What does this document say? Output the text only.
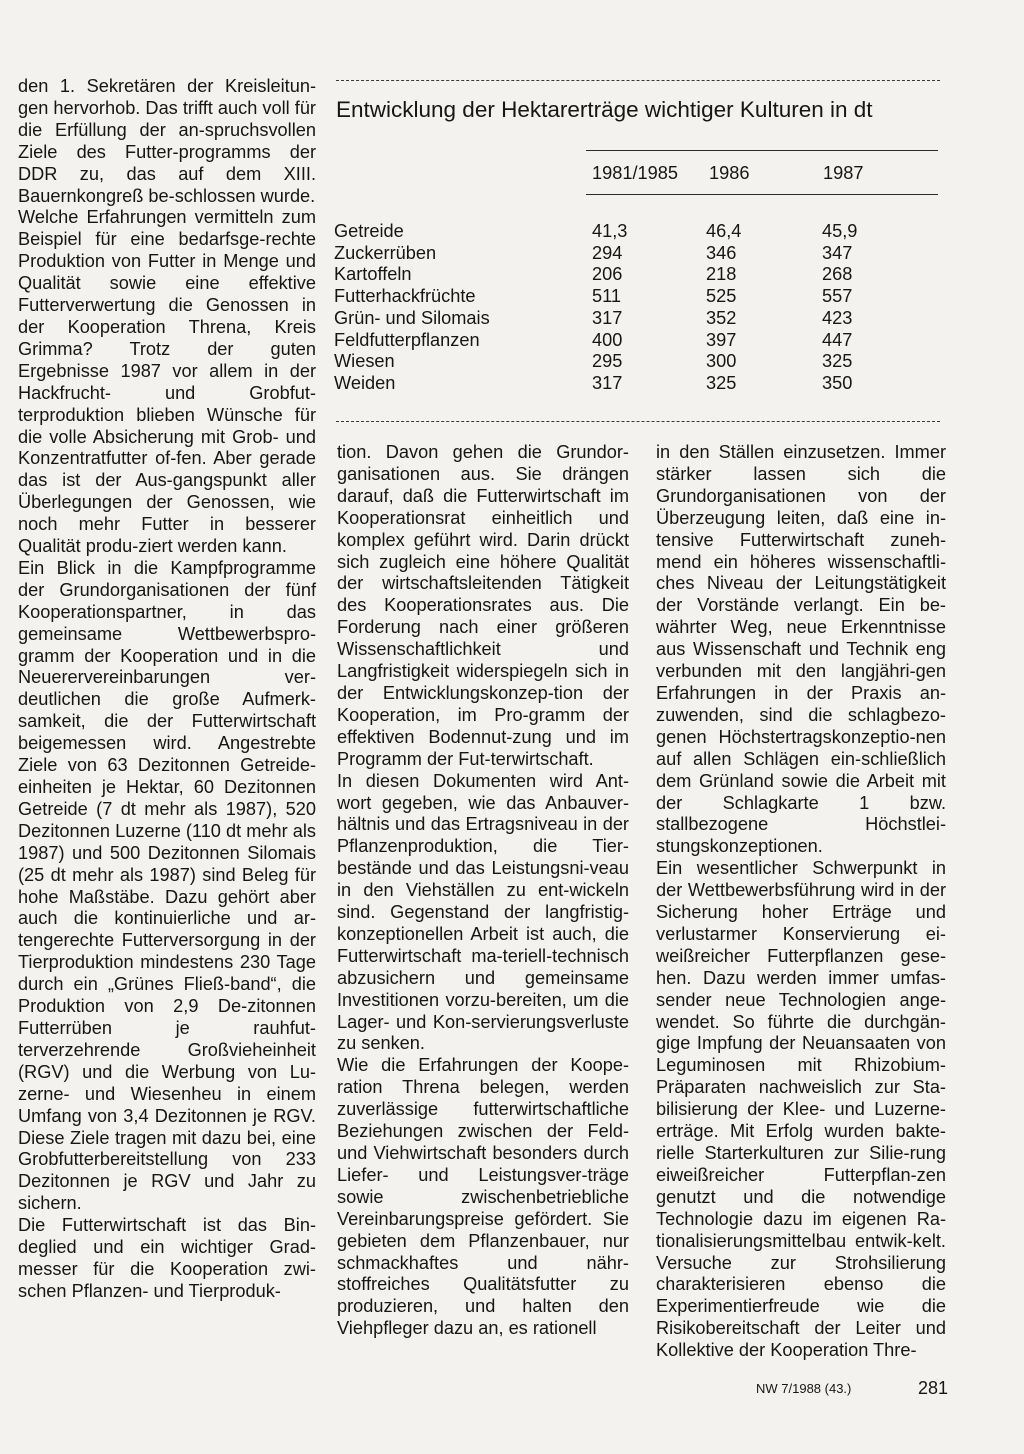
den 1. Sekretären der Kreisleitun-gen hervorhob. Das trifft auch voll für die Erfüllung der an-spruchsvollen Ziele des Futter-programms der DDR zu, das auf dem XIII. Bauernkongreß be-schlossen wurde.

Welche Erfahrungen vermitteln zum Beispiel für eine bedarfsge-rechte Produktion von Futter in Menge und Qualität sowie eine effektive Futterverwertung die Genossen in der Kooperation Threna, Kreis Grimma? Trotz der guten Ergebnisse 1987 vor allem in der Hackfrucht- und Grobfut-terproduktion blieben Wünsche für die volle Absicherung mit Grob- und Konzentratfutter of-fen. Aber gerade das ist der Aus-gangspunkt aller Überlegungen der Genossen, wie noch mehr Futter in besserer Qualität produ-ziert werden kann.

Ein Blick in die Kampfprogramme der Grundorganisationen der fünf Kooperationspartner, in das gemeinsame Wettbewerbspro-gramm der Kooperation und in die Neuerervereinbarungen ver-deutlichen die große Aufmerk-samkeit, die der Futterwirtschaft beigemessen wird. Angestrebte Ziele von 63 Dezitonnen Getreide-einheiten je Hektar, 60 Dezitonnen Getreide (7 dt mehr als 1987), 520 Dezitonnen Luzerne (110 dt mehr als 1987) und 500 Dezitonnen Silomais (25 dt mehr als 1987) sind Beleg für hohe Maßstäbe. Dazu gehört aber auch die kontinuierliche und ar-tengerechte Futterversorgung in der Tierproduktion mindestens 230 Tage durch ein „Grünes Fließ-band“, die Produktion von 2,9 De-zitonnen Futterrüben je rauhfut-terverzehrende Großvieheinheit (RGV) und die Werbung von Lu-zerne- und Wiesenheu in einem Umfang von 3,4 Dezitonnen je RGV. Diese Ziele tragen mit dazu bei, eine Grobfutterbereitstellung von 233 Dezitonnen je RGV und Jahr zu sichern.

Die Futterwirtschaft ist das Bin-deglied und ein wichtiger Grad-messer für die Kooperation zwi-schen Pflanzen- und Tierproduk-

Entwicklung der Hektarerträge wichtiger Kulturen in dt
1981/1985 1986	1987
Getreide	41,3	46,4	45,9
Zuckerrüben	294	346	347
Kartoffeln	206	218	268
Futterhackfrüchte	511	525	557
Grün- und Silomais	317	352	423
Feldfutterpflanzen	400	397	447
Wiesen	295	300	325
Weiden	317	325	350

tion. Davon gehen die Grundor-ganisationen aus. Sie drängen darauf, daß die Futterwirtschaft im Kooperationsrat einheitlich und komplex geführt wird. Darin drückt sich zugleich eine höhere Qualität der wirtschaftsleitenden Tätigkeit des Kooperationsrates aus. Die Forderung nach einer größeren Wissenschaftlichkeit und Langfristigkeit widerspiegeln sich in der Entwicklungskonzep-tion der Kooperation, im Pro-gramm der effektiven Bodennut-zung und im Programm der Fut-terwirtschaft.

In diesen Dokumenten wird Ant-wort gegeben, wie das Anbauver-hältnis und das Ertragsniveau in der Pflanzenproduktion, die Tier-bestände und das Leistungsni-veau in den Viehställen zu ent-wickeln sind. Gegenstand der langfristig-konzeptionellen Arbeit ist auch, die Futterwirtschaft ma-teriell-technisch abzusichern und gemeinsame Investitionen vorzu-bereiten, um die Lager- und Kon-servierungsverluste zu senken.

Wie die Erfahrungen der Koope-ration Threna belegen, werden zuverlässige futterwirtschaftliche Beziehungen zwischen der Feld- und Viehwirtschaft besonders durch Liefer- und Leistungsver-träge sowie zwischenbetriebliche Vereinbarungspreise gefördert. Sie gebieten dem Pflanzenbauer, nur schmackhaftes und nähr-stoffreiches Qualitätsfutter zu produzieren, und halten den Viehpfleger dazu an, es rationell

in den Ställen einzusetzen. Immer stärker lassen sich die Grundorganisationen von der Überzeugung leiten, daß eine in-tensive Futterwirtschaft zuneh-mend ein höheres wissenschaftli-ches Niveau der Leitungstätigkeit der Vorstände verlangt. Ein be-währter Weg, neue Erkenntnisse aus Wissenschaft und Technik eng verbunden mit den langjähri-gen Erfahrungen in der Praxis an-zuwenden, sind die schlagbezo-genen Höchstertragskonzeptio-nen auf allen Schlägen ein-schließlich dem Grünland sowie die Arbeit mit der Schlagkarte 1 bzw. stallbezogene Höchstlei-stungskonzeptionen.

Ein wesentlicher Schwerpunkt in der Wettbewerbsführung wird in der Sicherung hoher Erträge und verlustarmer Konservierung ei-weißreicher Futterpflanzen gese-hen. Dazu werden immer umfas-sender neue Technologien ange-wendet. So führte die durchgän-gige Impfung der Neuansaaten von Leguminosen mit Rhizobium-Präparaten nachweislich zur Sta-bilisierung der Klee- und Luzerne-erträge. Mit Erfolg wurden bakte-rielle Starterkulturen zur Silie-rung eiweißreicher Futterpflan-zen genutzt und die notwendige Technologie dazu im eigenen Ra-tionalisierungsmittelbau entwik-kelt. Versuche zur Strohsilierung charakterisieren ebenso die Experimentierfreude wie die Risikobereitschaft der Leiter und Kollektive der Kooperation Thre-

NW 7/1988 (43.)	281
